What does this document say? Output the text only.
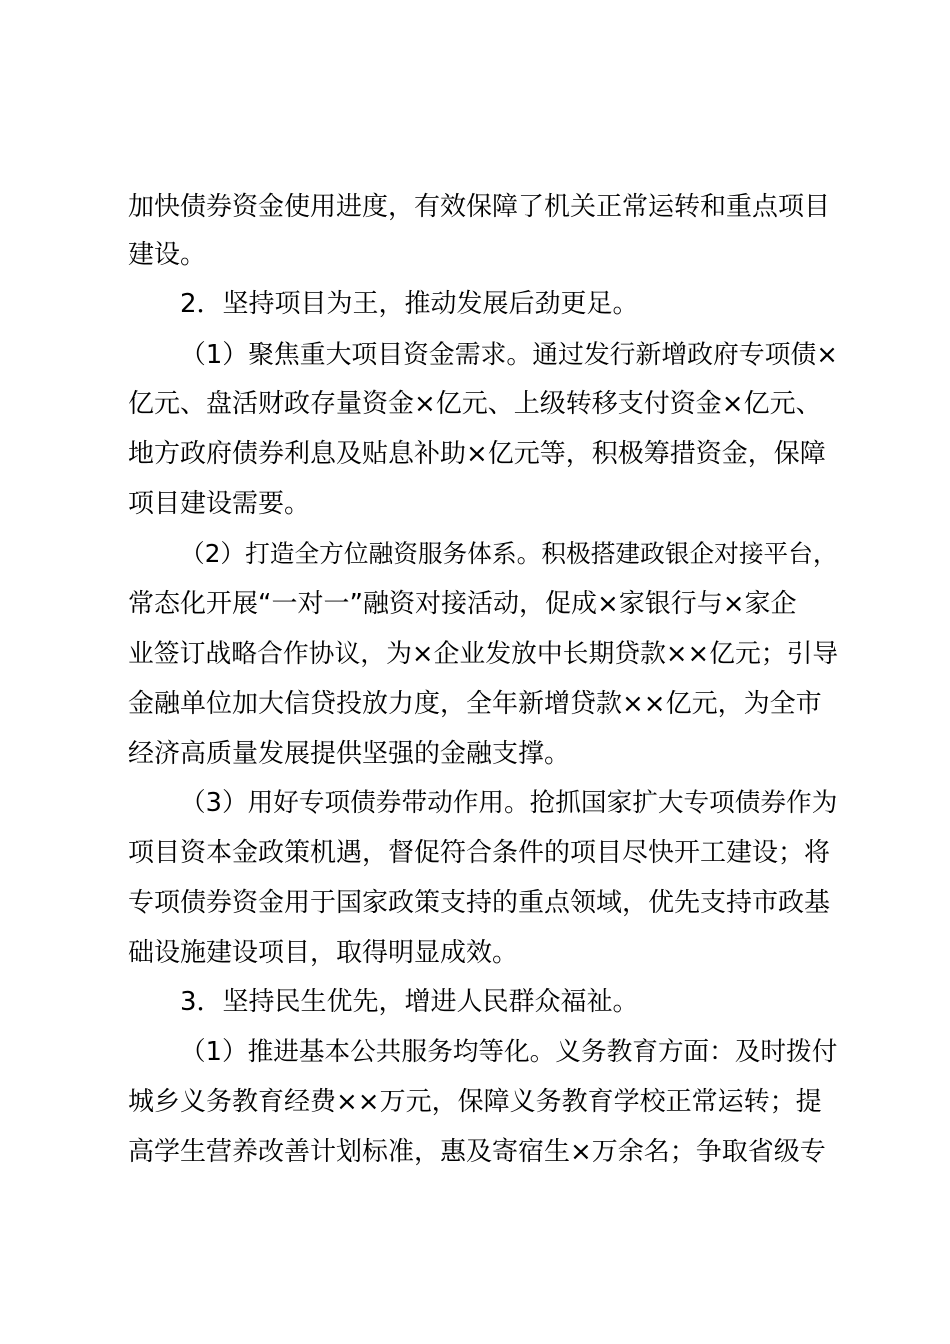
加快债券资金使用进度，有效保障了机关正常运转和重点项目
建设。
2．坚持项目为王，推动发展后劲更足。
（1）聚焦重大项目资金需求。通过发行新增政府专项债×
亿元、盘活财政存量资金×亿元、上级转移支付资金×亿元、
地方政府债券利息及贴息补助×亿元等，积极筹措资金，保障
项目建设需要。
（2）打造全方位融资服务体系。积极搭建政银企对接平台，
常态化开展“一对一”融资对接活动，促成×家银行与×家企
业签订战略合作协议，为×企业发放中长期贷款××亿元；引导
金融单位加大信贷投放力度，全年新增贷款××亿元，为全市
经济高质量发展提供坚强的金融支撑。
（3）用好专项债券带动作用。抢抓国家扩大专项债券作为
项目资本金政策机遇，督促符合条件的项目尽快开工建设；将
专项债券资金用于国家政策支持的重点领域，优先支持市政基
础设施建设项目，取得明显成效。
3．坚持民生优先，增进人民群众福祉。
（1）推进基本公共服务均等化。义务教育方面：及时拨付
城乡义务教育经费××万元，保障义务教育学校正常运转；提
高学生营养改善计划标准，惠及寄宿生×万余名；争取省级专
